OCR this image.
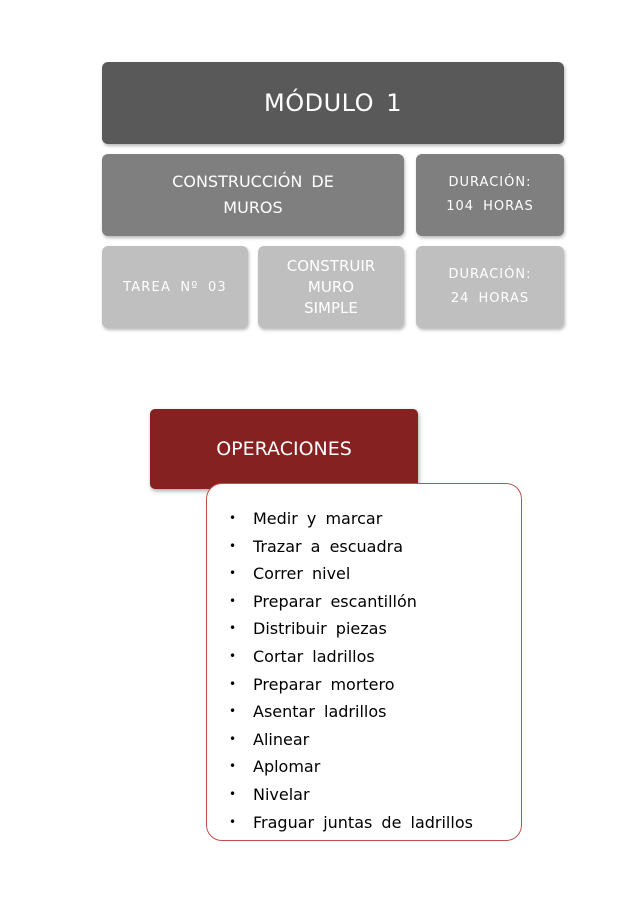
MÓDULO 1
CONSTRUCCIÓN DE MUROS
DURACIÓN:
104 HORAS
TAREA Nº 03
CONSTRUIR
MURO
SIMPLE
DURACIÓN:
24 HORAS
OPERACIONES
• Medir y marcar
• Trazar a escuadra
• Correr nivel
• Preparar escantillón
• Distribuir piezas
• Cortar ladrillos
• Preparar mortero
• Asentar ladrillos
• Alinear
• Aplomar
• Nivelar
• Fraguar juntas de ladrillos
